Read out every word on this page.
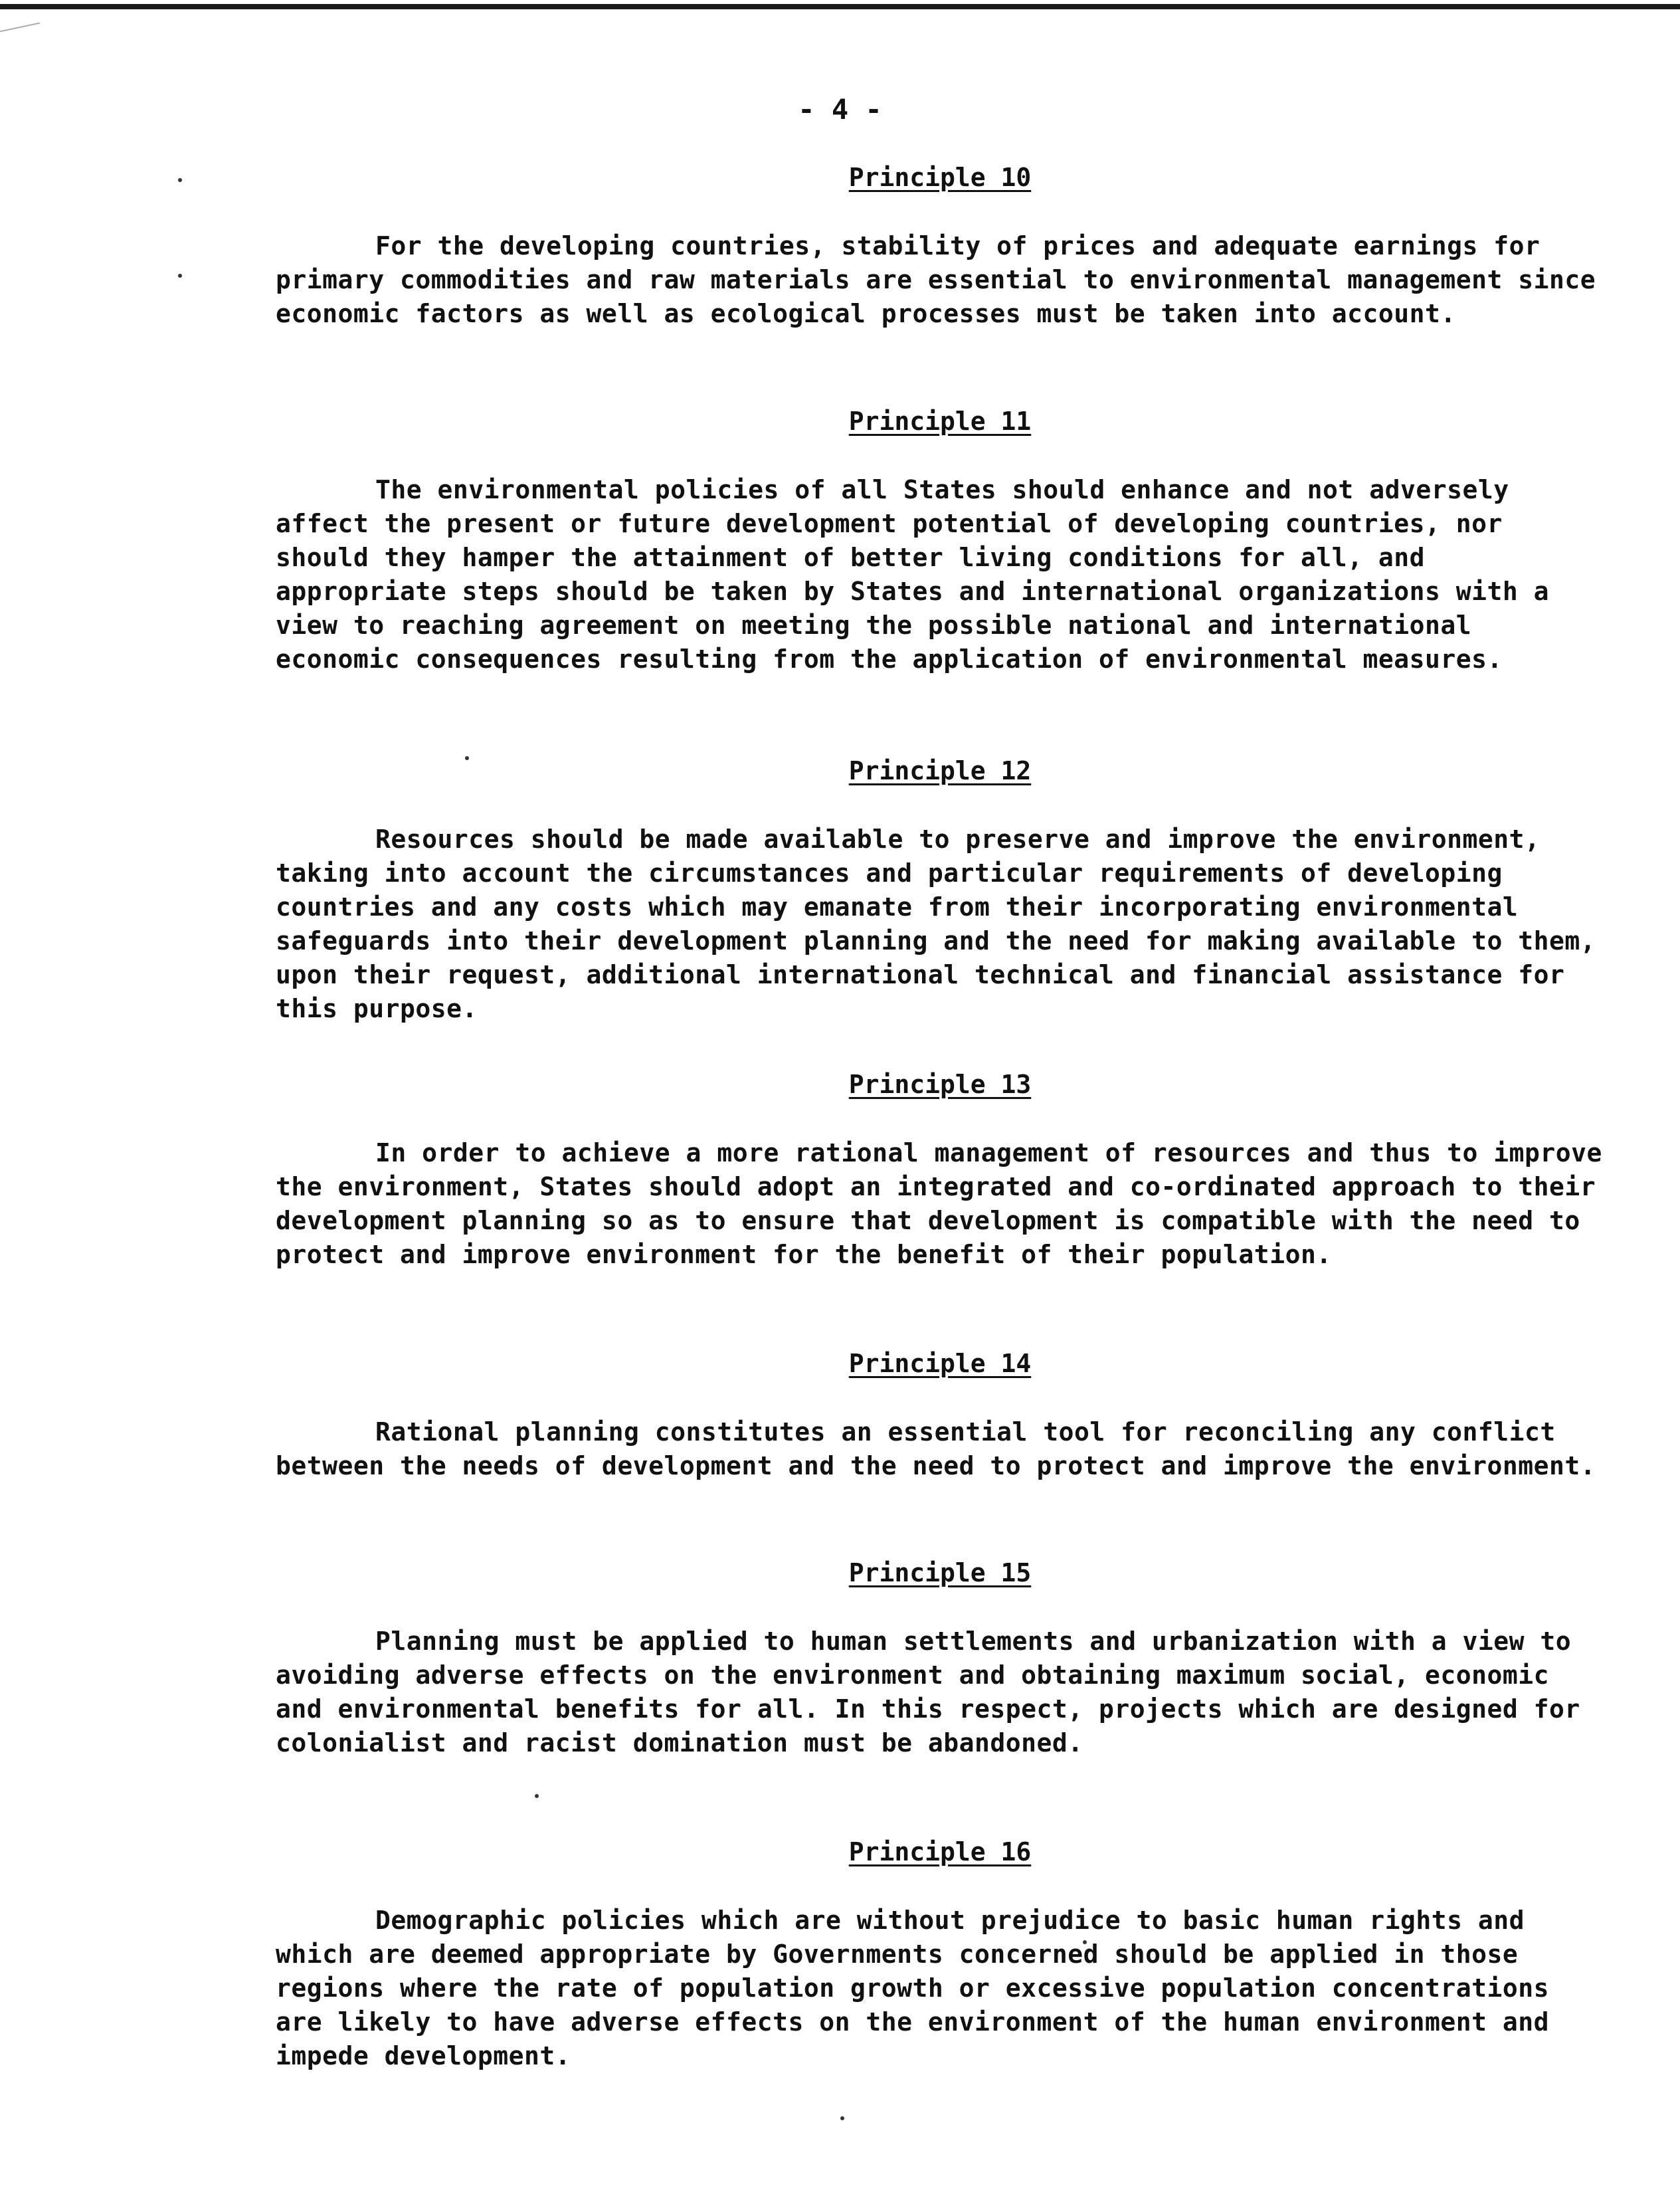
- 4 -
Principle 10

For the developing countries, stability of prices and adequate earnings for primary commodities and raw materials are essential to environmental management since economic factors as well as ecological processes must be taken into account.

Principle 11

The environmental policies of all States should enhance and not adversely affect the present or future development potential of developing countries, nor should they hamper the attainment of better living conditions for all, and appropriate steps should be taken by States and international organizations with a view to reaching agreement on meeting the possible national and international economic consequences resulting from the application of environmental measures.

Principle 12

Resources should be made available to preserve and improve the environment, taking into account the circumstances and particular requirements of developing countries and any costs which may emanate from their incorporating environmental safeguards into their development planning and the need for making available to them, upon their request, additional international technical and financial assistance for this purpose.

Principle 13

In order to achieve a more rational management of resources and thus to improve the environment, States should adopt an integrated and co-ordinated approach to their development planning so as to ensure that development is compatible with the need to protect and improve environment for the benefit of their population.

Principle 14

Rational planning constitutes an essential tool for reconciling any conflict between the needs of development and the need to protect and improve the environment.

Principle 15

Planning must be applied to human settlements and urbanization with a view to avoiding adverse effects on the environment and obtaining maximum social, economic and environmental benefits for all. In this respect, projects which are designed for colonialist and racist domination must be abandoned.

Principle 16

Demographic policies which are without prejudice to basic human rights and which are deemed appropriate by Governments concerned should be applied in those regions where the rate of population growth or excessive population concentrations are likely to have adverse effects on the environment of the human environment and impede development.
